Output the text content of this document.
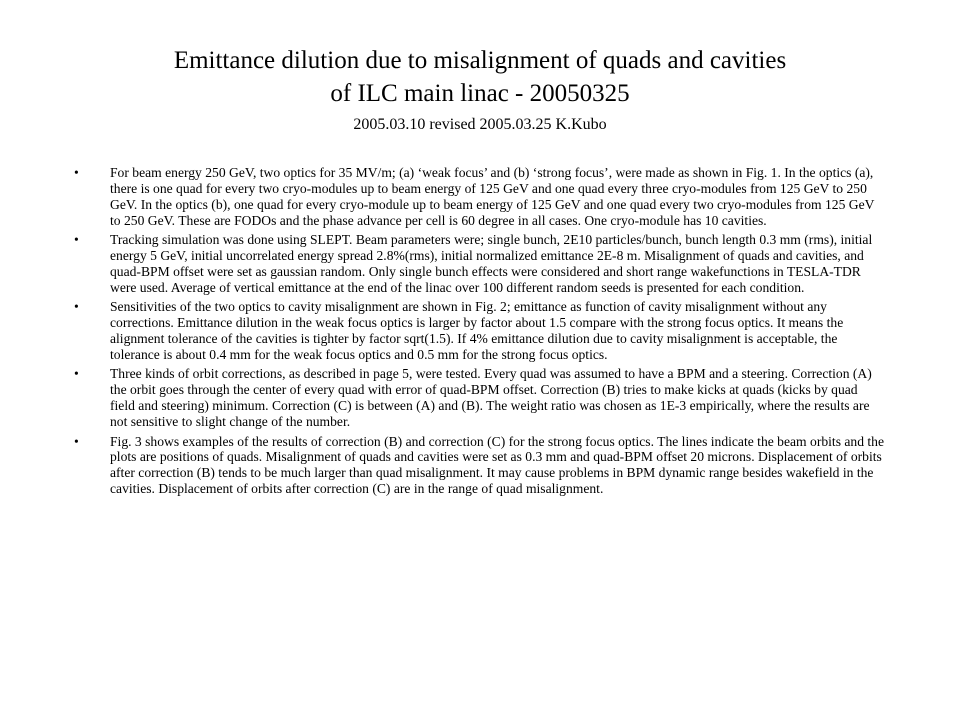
Emittance dilution due to misalignment of quads and cavities
of ILC main linac - 20050325
2005.03.10 revised 2005.03.25 K.Kubo
• For beam energy 250 GeV, two optics for 35 MV/m; (a) ‘weak focus’ and (b) ‘strong focus’, were made as shown in Fig. 1. In the optics (a), there is one quad for every two cryo-modules up to beam energy of 125 GeV and one quad every three cryo-modules from 125 GeV to 250 GeV. In the optics (b), one quad for every cryo-module up to beam energy of 125 GeV and one quad every two cryo-modules from 125 GeV to 250 GeV. These are FODOs and the phase advance per cell is 60 degree in all cases. One cryo-module has 10 cavities.
• Tracking simulation was done using SLEPT. Beam parameters were; single bunch, 2E10 particles/bunch, bunch length 0.3 mm (rms), initial energy 5 GeV, initial uncorrelated energy spread 2.8%(rms), initial normalized emittance 2E-8 m. Misalignment of quads and cavities, and quad-BPM offset were set as gaussian random. Only single bunch effects were considered and short range wakefunctions in TESLA-TDR were used. Average of vertical emittance at the end of the linac over 100 different random seeds is presented for each condition.
• Sensitivities of the two optics to cavity misalignment are shown in Fig. 2; emittance as function of cavity misalignment without any corrections. Emittance dilution in the weak focus optics is larger by factor about 1.5 compare with the strong focus optics. It means the alignment tolerance of the cavities is tighter by factor sqrt(1.5). If 4% emittance dilution due to cavity misalignment is acceptable, the tolerance is about 0.4 mm for the weak focus optics and 0.5 mm for the strong focus optics.
• Three kinds of orbit corrections, as described in page 5, were tested. Every quad was assumed to have a BPM and a steering. Correction (A) the orbit goes through the center of every quad with error of quad-BPM offset. Correction (B) tries to make kicks at quads (kicks by quad field and steering) minimum. Correction (C) is between (A) and (B). The weight ratio was chosen as 1E-3 empirically, where the results are not sensitive to slight change of the number.
• Fig. 3 shows examples of the results of correction (B) and correction (C) for the strong focus optics. The lines indicate the beam orbits and the plots are positions of quads. Misalignment of quads and cavities were set as 0.3 mm and quad-BPM offset 20 microns. Displacement of orbits after correction (B) tends to be much larger than quad misalignment. It may cause problems in BPM dynamic range besides wakefield in the cavities. Displacement of orbits after correction (C) are in the range of quad misalignment.
